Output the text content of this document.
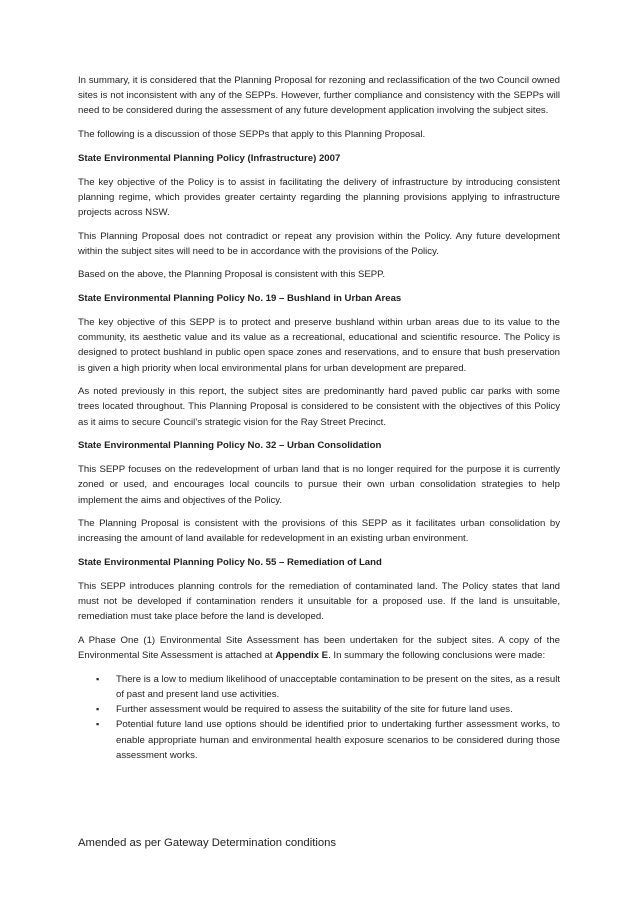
In summary, it is considered that the Planning Proposal for rezoning and reclassification of the two Council owned sites is not inconsistent with any of the SEPPs. However, further compliance and consistency with the SEPPs will need to be considered during the assessment of any future development application involving the subject sites.

The following is a discussion of those SEPPs that apply to this Planning Proposal.

State Environmental Planning Policy (Infrastructure) 2007

The key objective of the Policy is to assist in facilitating the delivery of infrastructure by introducing consistent planning regime, which provides greater certainty regarding the planning provisions applying to infrastructure projects across NSW.

This Planning Proposal does not contradict or repeat any provision within the Policy. Any future development within the subject sites will need to be in accordance with the provisions of the Policy.

Based on the above, the Planning Proposal is consistent with this SEPP.

State Environmental Planning Policy No. 19 – Bushland in Urban Areas

The key objective of this SEPP is to protect and preserve bushland within urban areas due to its value to the community, its aesthetic value and its value as a recreational, educational and scientific resource. The Policy is designed to protect bushland in public open space zones and reservations, and to ensure that bush preservation is given a high priority when local environmental plans for urban development are prepared.

As noted previously in this report, the subject sites are predominantly hard paved public car parks with some trees located throughout. This Planning Proposal is considered to be consistent with the objectives of this Policy as it aims to secure Council’s strategic vision for the Ray Street Precinct.

State Environmental Planning Policy No. 32 – Urban Consolidation

This SEPP focuses on the redevelopment of urban land that is no longer required for the purpose it is currently zoned or used, and encourages local councils to pursue their own urban consolidation strategies to help implement the aims and objectives of the Policy.

The Planning Proposal is consistent with the provisions of this SEPP as it facilitates urban consolidation by increasing the amount of land available for redevelopment in an existing urban environment.

State Environmental Planning Policy No. 55 – Remediation of Land

This SEPP introduces planning controls for the remediation of contaminated land. The Policy states that land must not be developed if contamination renders it unsuitable for a proposed use. If the land is unsuitable, remediation must take place before the land is developed.

A Phase One (1) Environmental Site Assessment has been undertaken for the subject sites. A copy of the Environmental Site Assessment is attached at Appendix E. In summary the following conclusions were made:

▪ There is a low to medium likelihood of unacceptable contamination to be present on the sites, as a result of past and present land use activities.
▪ Further assessment would be required to assess the suitability of the site for future land uses.
▪ Potential future land use options should be identified prior to undertaking further assessment works, to enable appropriate human and environmental health exposure scenarios to be considered during those assessment works.
Amended as per Gateway Determination conditions
